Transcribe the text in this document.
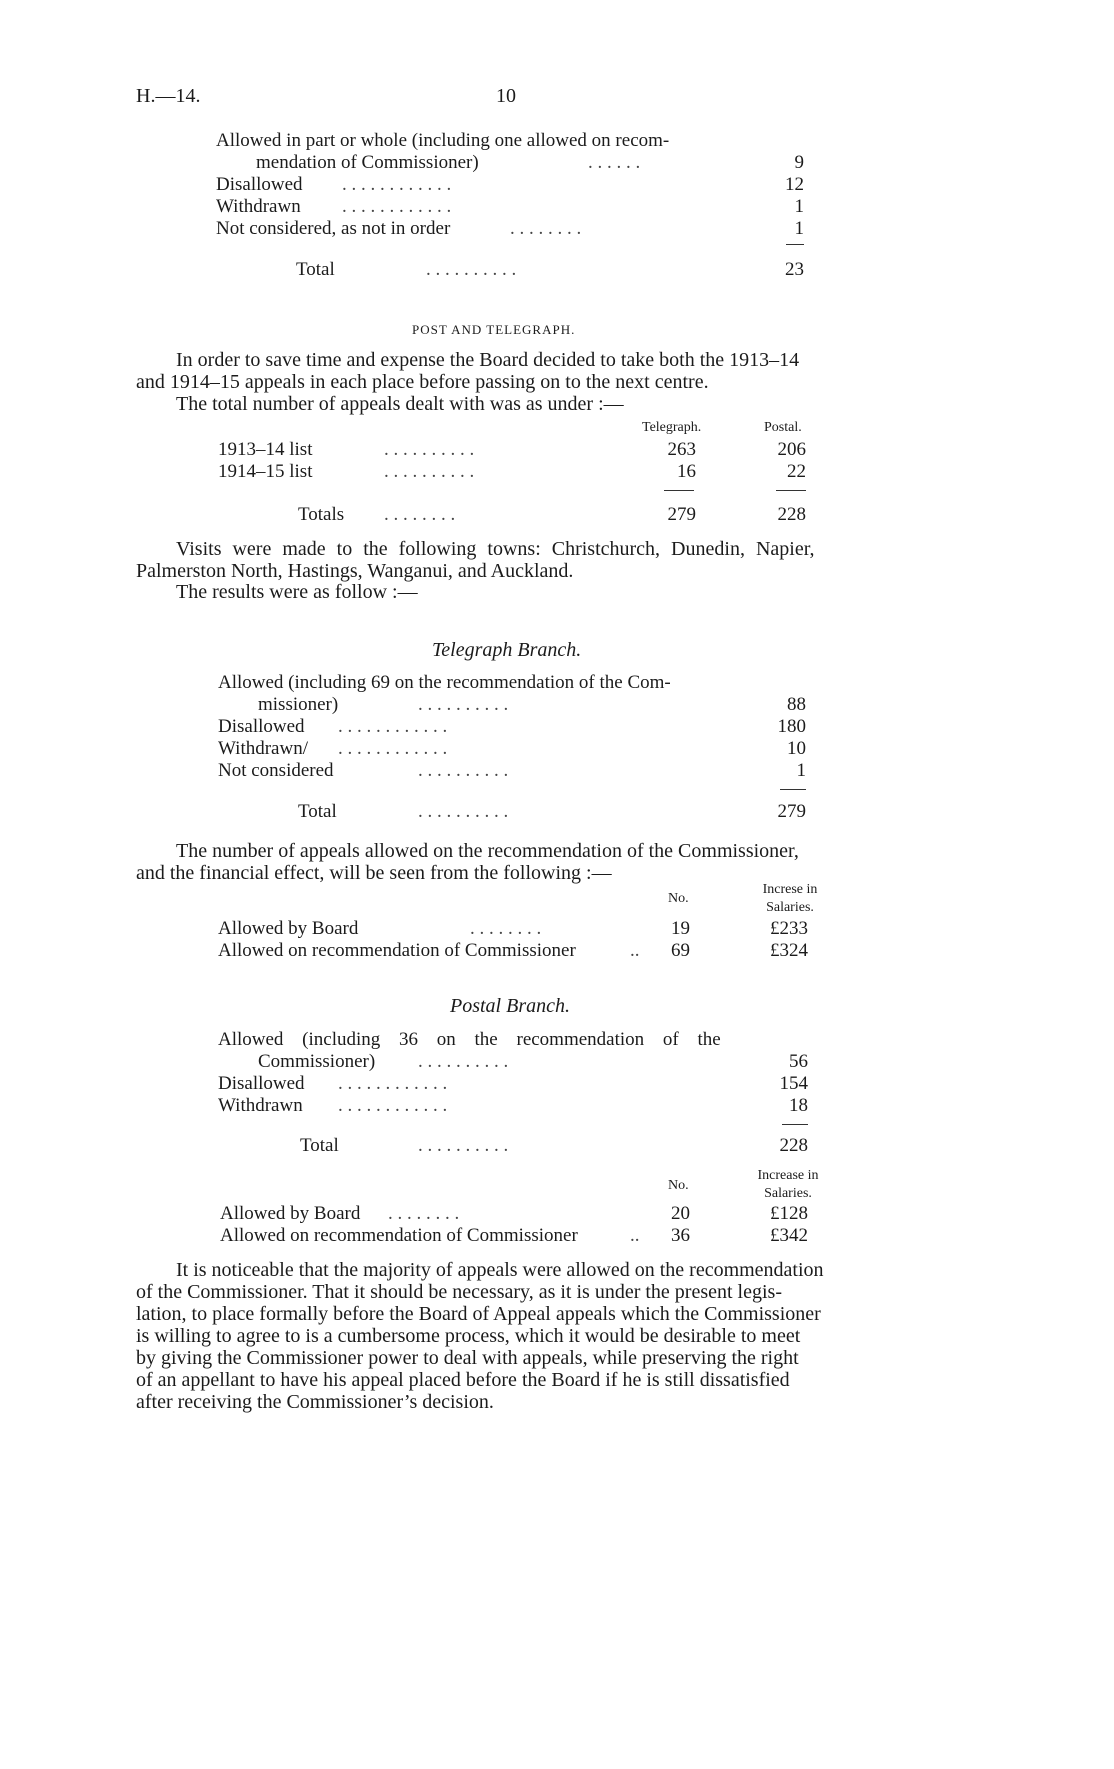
H.—14.	10
Allowed in part or whole (including one allowed on recom-
mendation of Commissioner)	. . . . . .	9
Disallowed . . . . . . . . . . . .	12
Withdrawn . . . . . . . . . . . .	1
Not considered, as not in order	. . . . . . . .	1
Total	. . . . . . . . . .	23
POST AND TELEGRAPH.
In order to save time and expense the Board decided to take both the 1913–14
and 1914–15 appeals in each place before passing on to the next centre.
The total number of appeals dealt with was as under :—
Telegraph.	Postal.
1913–14 list	. . . . . . . . . .	263	206
1914–15 list	. . . . . . . . . .	16	22
Totals . . . . . . . .	279	228
Visits were made to the following towns: Christchurch, Dunedin, Napier,
Palmerston North, Hastings, Wanganui, and Auckland.
The results were as follow :—
Telegraph Branch.
Allowed (including 69 on the recommendation of the Com-
missioner)	. . . . . . . . . .	88
Disallowed . . . . . . . . . . . .	180
Withdrawn/ . . . . . . . . . . . .	10
Not considered	. . . . . . . . . .	1
Total	. . . . . . . . . .	279
The number of appeals allowed on the recommendation of the Commissioner,
and the financial effect, will be seen from the following :—
No.
Increse in
Salaries.
Allowed by Board	. . . . . . . .	19	£233
Allowed on recommendation of Commissioner	..	69	£324
Postal Branch.
Allowed (including 36 on the recommendation of the
Commissioner) . . . . . . . . . .	56
Disallowed . . . . . . . . . . . .	154
Withdrawn . . . . . . . . . . . .	18
Total	. . . . . . . . . .	228
No.
Increase in
Salaries.
Allowed by Board . . . . . . . .	20	£128
Allowed on recommendation of Commissioner	..	36	£342
It is noticeable that the majority of appeals were allowed on the recommendation
of the Commissioner. That it should be necessary, as it is under the present legis-
lation, to place formally before the Board of Appeal appeals which the Commissioner
is willing to agree to is a cumbersome process, which it would be desirable to meet
by giving the Commissioner power to deal with appeals, while preserving the right
of an appellant to have his appeal placed before the Board if he is still dissatisfied
after receiving the Commissioner’s decision.
